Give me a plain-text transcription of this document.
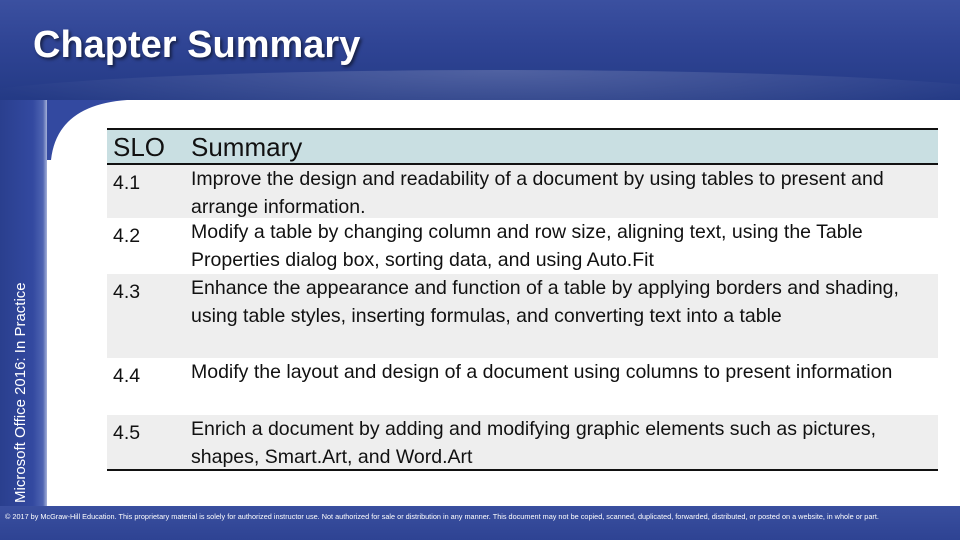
Chapter Summary
Microsoft Office 2016: In Practice
SLO Summary
4.1	Improve the design and readability of a document by using tables to present and arrange information.
4.2	Modify a table by changing column and row size, aligning text, using the Table Properties dialog box, sorting data, and using Auto.Fit
4.3	Enhance the appearance and function of a table by applying borders and shading, using table styles, inserting formulas, and converting text into a table
4.4	Modify the layout and design of a document using columns to present information
4.5	Enrich a document by adding and modifying graphic elements such as pictures, shapes, Smart.Art, and Word.Art
© 2017 by McGraw-Hill Education. This proprietary material is solely for authorized instructor use. Not authorized for sale or distribution in any manner. This document may not be copied, scanned, duplicated, forwarded, distributed, or posted on a website, in whole or part.
